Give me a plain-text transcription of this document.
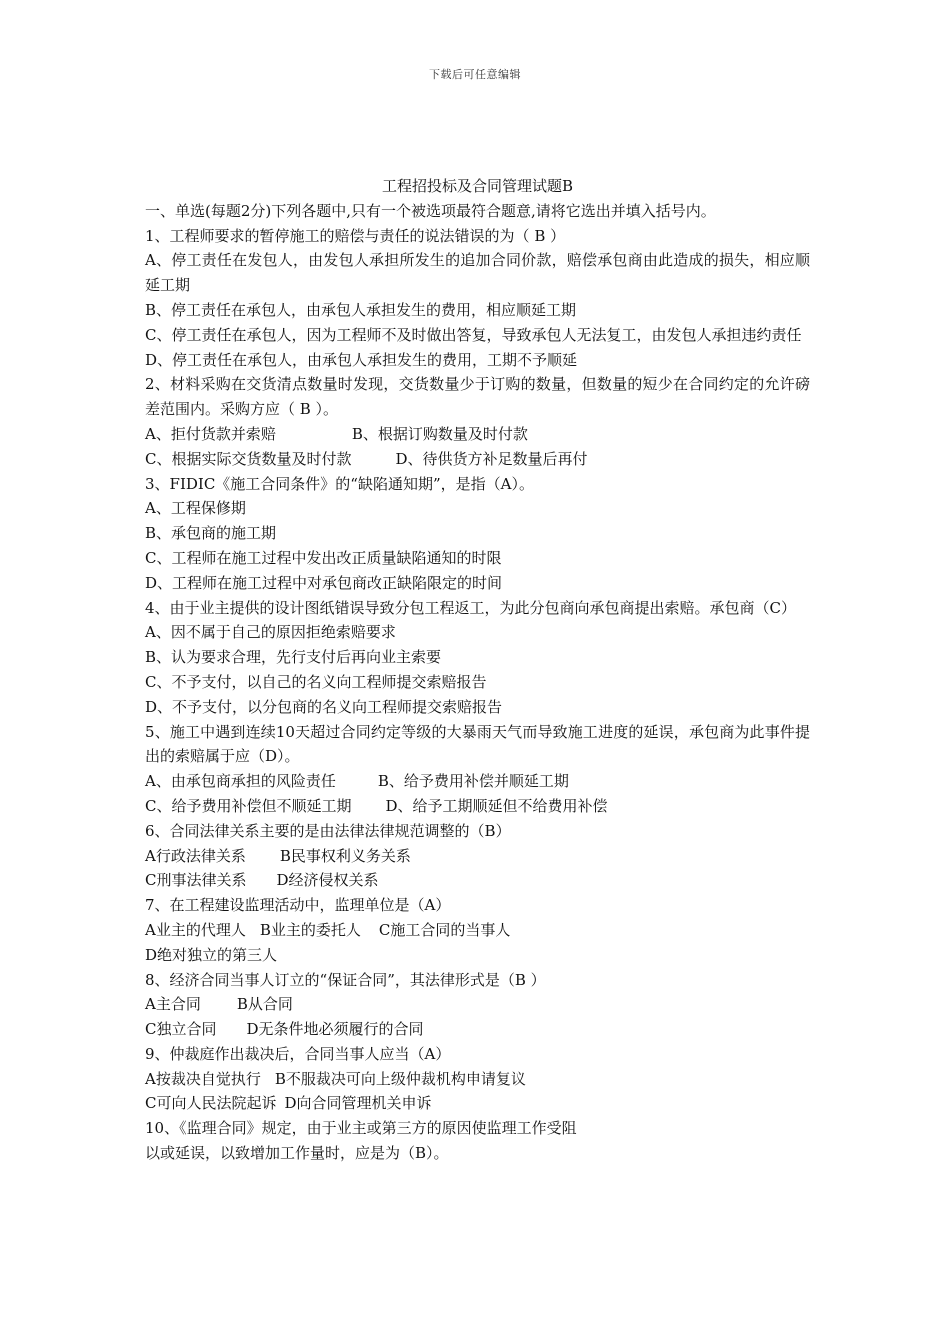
下载后可任意编辑

工程招投标及合同管理试题B

一、单选(每题2分)下列各题中,只有一个被选项最符合题意,请将它选出并填入括号内。

1、工程师要求的暂停施工的赔偿与责任的说法错误的为（ B ）

A、停工责任在发包人，由发包人承担所发生的追加合同价款，赔偿承包商由此造成的损失，相应顺延工期

B、停工责任在承包人，由承包人承担发生的费用，相应顺延工期

C、停工责任在承包人，因为工程师不及时做出答复，导致承包人无法复工，由发包人承担违约责任

D、停工责任在承包人，由承包人承担发生的费用，工期不予顺延

2、材料采购在交货清点数量时发现，交货数量少于订购的数量，但数量的短少在合同约定的允许磅差范围内。采购方应（ B ）。

A、拒付货款并索赔	B、根据订购数量及时付款

C、根据实际交货数量及时付款	D、待供货方补足数量后再付

3、FIDIC《施工合同条件》的“缺陷通知期”，是指（A）。

A、工程保修期

B、承包商的施工期

C、工程师在施工过程中发出改正质量缺陷通知的时限

D、工程师在施工过程中对承包商改正缺陷限定的时间

4、由于业主提供的设计图纸错误导致分包工程返工，为此分包商向承包商提出索赔。承包商（C）

A、因不属于自己的原因拒绝索赔要求

B、认为要求合理，先行支付后再向业主索要

C、不予支付，以自己的名义向工程师提交索赔报告

D、不予支付，以分包商的名义向工程师提交索赔报告

5、施工中遇到连续10天超过合同约定等级的大暴雨天气而导致施工进度的延误，承包商为此事件提出的索赔属于应（D）。

A、由承包商承担的风险责任	B、给予费用补偿并顺延工期

C、给予费用补偿但不顺延工期 D、给予工期顺延但不给费用补偿

6、合同法律关系主要的是由法律法律规范调整的（B）

A行政法律关系 B民事权利义务关系

C刑事法律关系 D经济侵权关系

7、在工程建设监理活动中，监理单位是（A）

A业主的代理人 B业主的委托人 C施工合同的当事人

D绝对独立的第三人

8、经济合同当事人订立的“保证合同”，其法律形式是（B ）

A主合同 B从合同

C独立合同 D无条件地必须履行的合同

9、仲裁庭作出裁决后，合同当事人应当（A）

A按裁决自觉执行 B不服裁决可向上级仲裁机构申请复议

C可向人民法院起诉 D向合同管理机关申诉

10、《监理合同》规定，由于业主或第三方的原因使监理工作受阻

以或延误，以致增加工作量时，应是为（B）。
